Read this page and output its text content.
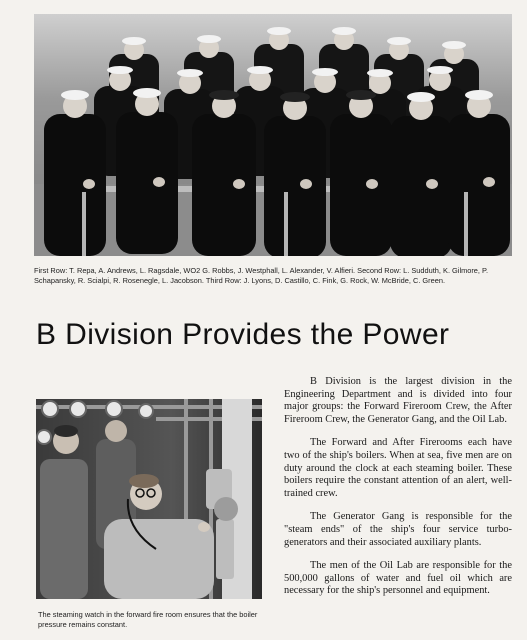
First Row: T. Repa, A. Andrews, L. Ragsdale, WO2 G. Robbs, J. Westphall, L. Alexander, V. Alfieri. Second Row: L. Sudduth, K. Gilmore, P. Schapansky, R. Scialpi, R. Rosenegle, L. Jacobson. Third Row: J. Lyons, D. Castillo, C. Fink, G. Rock, W. McBride, C. Green.
B Division Provides the Power
The steaming watch in the forward fire room ensures that the boiler pressure remains constant.

B Division is the largest division in the Engineering Department and is divided into four major groups: the Forward Fireroom Crew, the After Fireroom Crew, the Generator Gang, and the Oil Lab.

The Forward and After Firerooms each have two of the ship's boilers. When at sea, five men are on duty around the clock at each steaming boiler. These boilers require the constant attention of an alert, well-trained crew.

The Generator Gang is responsible for the "steam ends" of the ship's four service turbo-generators and their associated auxiliary plants.

The men of the Oil Lab are responsible for the 500,000 gallons of water and fuel oil which are necessary for the ship's personnel and equipment.
